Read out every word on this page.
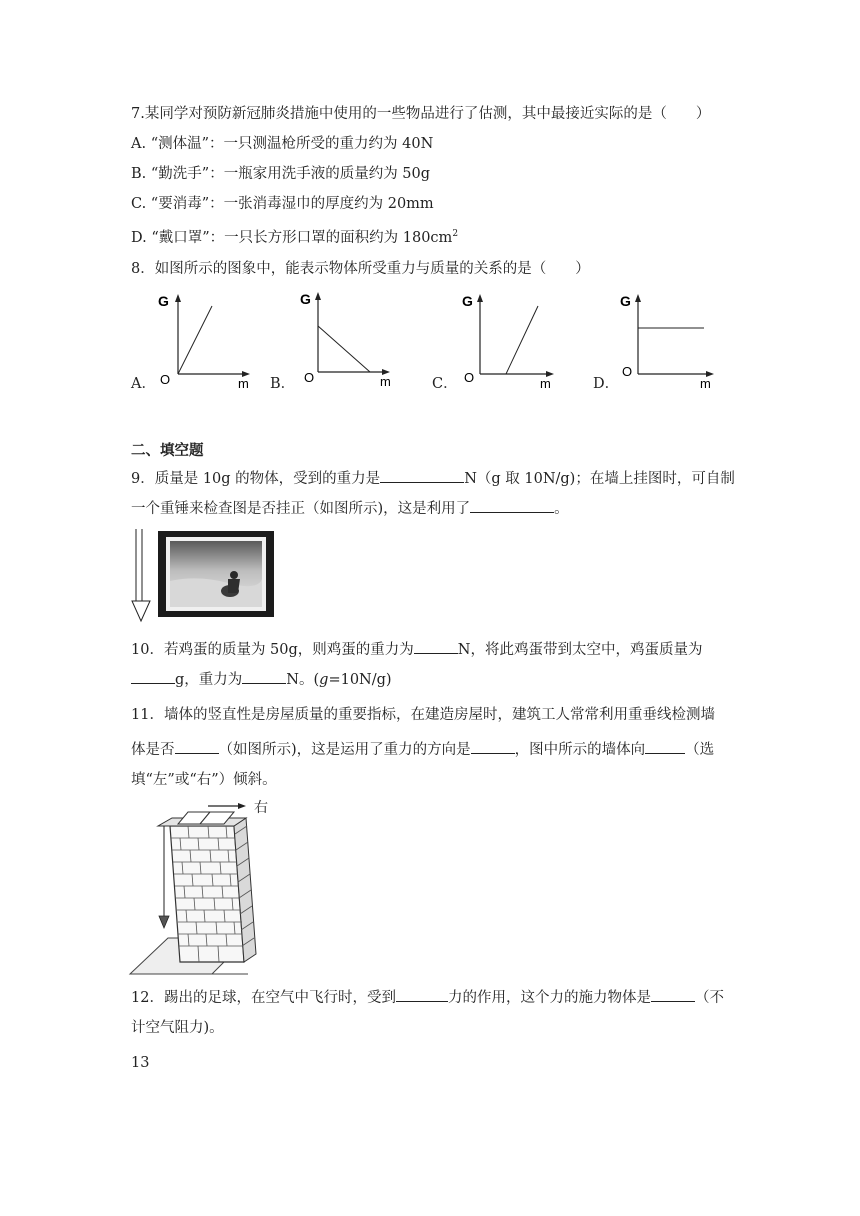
7.某同学对预防新冠肺炎措施中使用的一些物品进行了估测，其中最接近实际的是（　　）
A. “测体温”：一只测温枪所受的重力约为 40N
B. “勤洗手”：一瓶家用洗手液的质量约为 50g
C. “要消毒”：一张消毒湿巾的厚度约为 20mm
D. “戴口罩”：一只长方形口罩的面积约为 $180cm^2$
8．如图所示的图象中，能表示物体所受重力与质量的关系的是（　　）
A．
G
O	m B．
G
O	m	C．
G
O	m	D．
G
O
m
二、填空题
9．质量是 10g 的物体，受到的重力是	N（g 取 10N/g)；在墙上挂图时，可自制
一个重锤来检查图是否挂正（如图所示)，这是利用了	。
10．若鸡蛋的质量为 50g，则鸡蛋的重力为	N，将此鸡蛋带到太空中，鸡蛋质量为
g，重力为	N。(g=10N/g)
11．墙体的竖直性是房屋质量的重要指标，在建造房屋时，建筑工人常常利用重垂线检测墙
体是否	（如图所示)，这是运用了重力的方向是	，图中所示的墙体向	（选
填“左”或“右”）倾斜。
右
12．踢出的足球，在空气中飞行时，受到	力的作用，这个力的施力物体是	（不
计空气阻力)。
13
